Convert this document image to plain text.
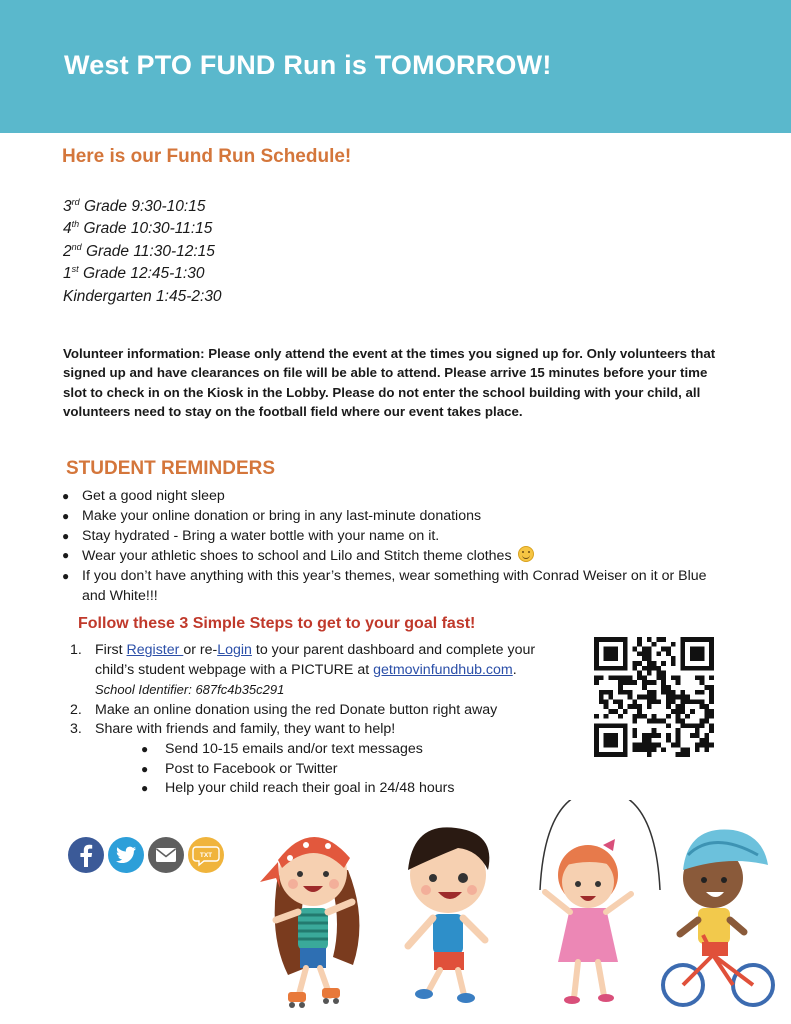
West PTO FUND Run is TOMORROW!
Here is our Fund Run Schedule!
3rd Grade 9:30-10:15
4th Grade 10:30-11:15
2nd Grade 11:30-12:15
1st Grade 12:45-1:30
Kindergarten 1:45-2:30

Volunteer information: Please only attend the event at the times you signed up for. Only volunteers that signed up and have clearances on file will be able to attend. Please arrive 15 minutes before your time slot to check in on the Kiosk in the Lobby. Please do not enter the school building with your child, all volunteers need to stay on the football field where our event takes place.

STUDENT REMINDERS
● Get a good night sleep
● Make your online donation or bring in any last-minute donations
● Stay hydrated - Bring a water bottle with your name on it.
● Wear your athletic shoes to school and Lilo and Stitch theme clothes
● If you don’t have anything with this year’s themes, wear something with Conrad Weiser on it or Blue and White!!!
Follow these 3 Simple Steps to get to your goal fast!
1. First Register or re-Login to your parent dashboard and complete your child’s student webpage with a PICTURE at getmovinfundhub.com.
School Identifier: 687fc4b35c291
2. Make an online donation using the red Donate button right away
3. Share with friends and family, they want to help!
● Send 10-15 emails and/or text messages
● Post to Facebook or Twitter
● Help your child reach their goal in 24/48 hours
TXT
